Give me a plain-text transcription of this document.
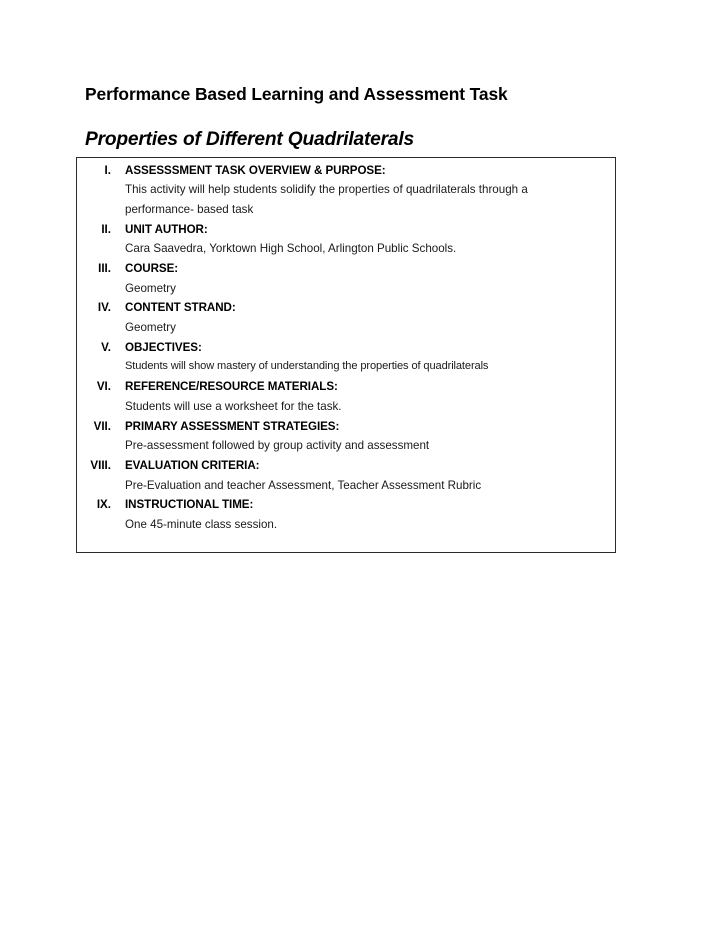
Performance Based Learning and Assessment Task
Properties of Different Quadrilaterals
I. ASSESSSMENT TASK OVERVIEW & PURPOSE:
This activity will help students solidify the properties of quadrilaterals through a
performance- based task
II. UNIT AUTHOR:
Cara Saavedra, Yorktown High School, Arlington Public Schools.
III. COURSE:
Geometry
IV. CONTENT STRAND:
Geometry
V. OBJECTIVES:
Students will show mastery of understanding the properties of quadrilaterals
VI. REFERENCE/RESOURCE MATERIALS:
Students will use a worksheet for the task.
VII. PRIMARY ASSESSMENT STRATEGIES:
Pre-assessment followed by group activity and assessment
VIII. EVALUATION CRITERIA:
Pre-Evaluation and teacher Assessment, Teacher Assessment Rubric
IX. INSTRUCTIONAL TIME:
One 45-minute class session.
